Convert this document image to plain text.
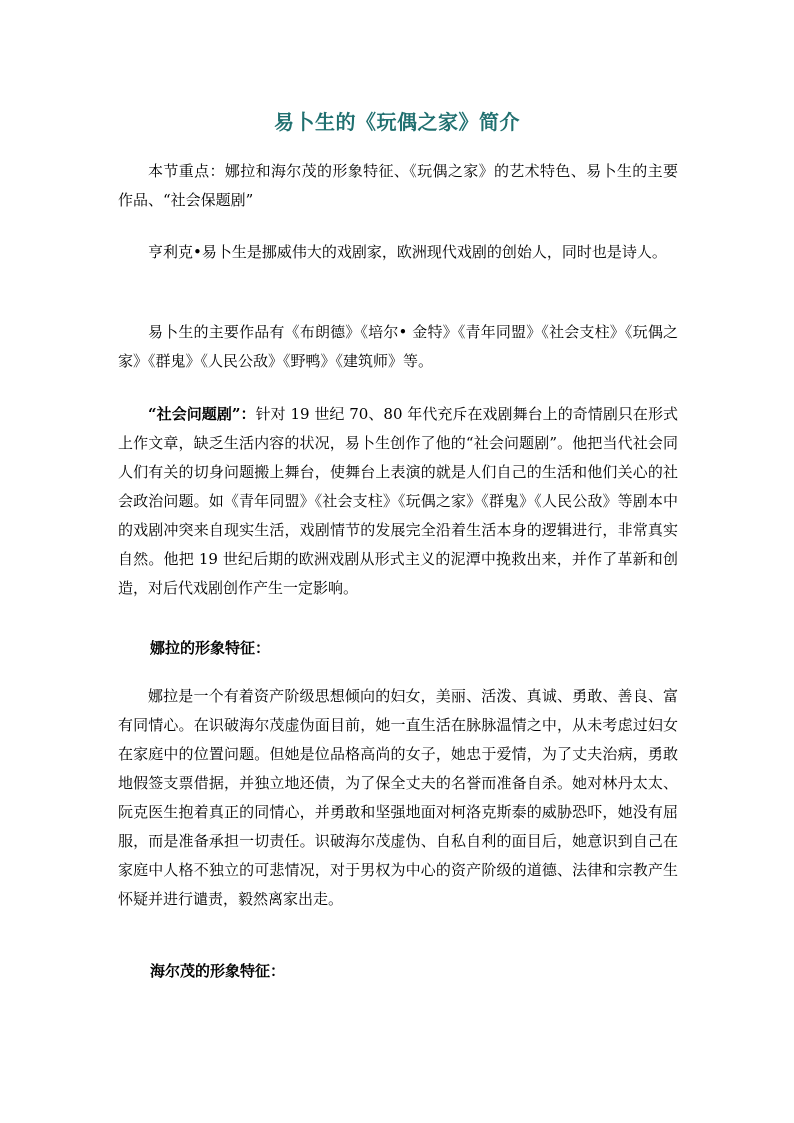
易卜生的《玩偶之家》简介

本节重点：娜拉和海尔茂的形象特征、《玩偶之家》的艺术特色、易卜生的主要作品、“社会保题剧”

亨利克•易卜生是挪威伟大的戏剧家，欧洲现代戏剧的创始人，同时也是诗人。

易卜生的主要作品有《布朗德》《培尔• 金特》《青年同盟》《社会支柱》《玩偶之家》《群鬼》《人民公敌》《野鸭》《建筑师》等。

“社会问题剧”：针对 19 世纪 70、80 年代充斥在戏剧舞台上的奇情剧只在形式上作文章，缺乏生活内容的状况，易卜生创作了他的“社会问题剧”。他把当代社会同人们有关的切身问题搬上舞台，使舞台上表演的就是人们自己的生活和他们关心的社会政治问题。如《青年同盟》《社会支柱》《玩偶之家》《群鬼》《人民公敌》等剧本中的戏剧冲突来自现实生活，戏剧情节的发展完全沿着生活本身的逻辑进行，非常真实自然。他把 19 世纪后期的欧洲戏剧从形式主义的泥潭中挽救出来，并作了革新和创造，对后代戏剧创作产生一定影响。

娜拉的形象特征：

娜拉是一个有着资产阶级思想倾向的妇女，美丽、活泼、真诚、勇敢、善良、富有同情心。在识破海尔茂虚伪面目前，她一直生活在脉脉温情之中，从未考虑过妇女在家庭中的位置问题。但她是位品格高尚的女子，她忠于爱情，为了丈夫治病，勇敢地假签支票借据，并独立地还债，为了保全丈夫的名誉而准备自杀。她对林丹太太、阮克医生抱着真正的同情心，并勇敢和坚强地面对柯洛克斯泰的威胁恐吓，她没有屈服，而是准备承担一切责任。识破海尔茂虚伪、自私自利的面目后，她意识到自己在家庭中人格不独立的可悲情况，对于男权为中心的资产阶级的道德、法律和宗教产生怀疑并进行谴责，毅然离家出走。

海尔茂的形象特征：
